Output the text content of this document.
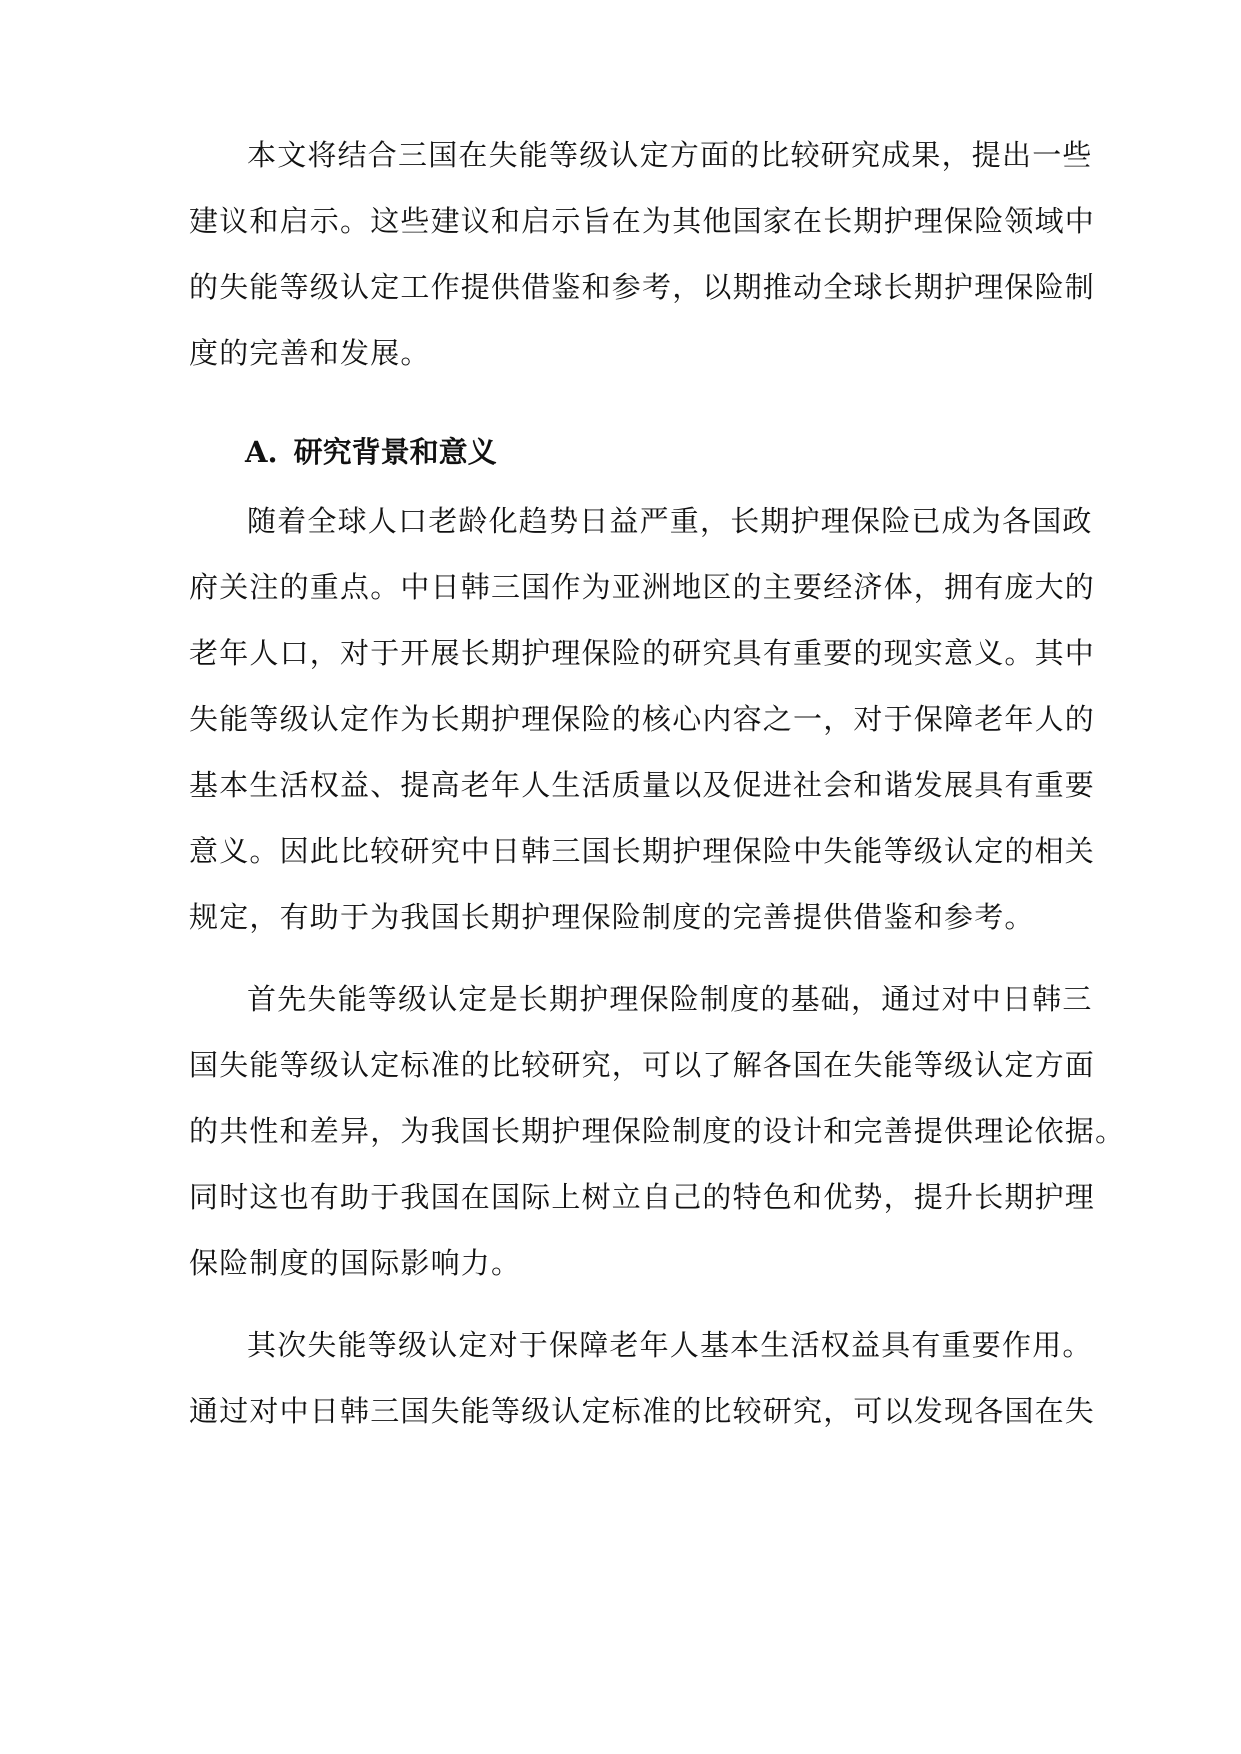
本文将结合三国在失能等级认定方面的比较研究成果，提出一些
建议和启示。这些建议和启示旨在为其他国家在长期护理保险领域中
的失能等级认定工作提供借鉴和参考，以期推动全球长期护理保险制
度的完善和发展。
A. 研究背景和意义
随着全球人口老龄化趋势日益严重，长期护理保险已成为各国政
府关注的重点。中日韩三国作为亚洲地区的主要经济体，拥有庞大的
老年人口，对于开展长期护理保险的研究具有重要的现实意义。其中
失能等级认定作为长期护理保险的核心内容之一，对于保障老年人的
基本生活权益、提高老年人生活质量以及促进社会和谐发展具有重要
意义。因此比较研究中日韩三国长期护理保险中失能等级认定的相关
规定，有助于为我国长期护理保险制度的完善提供借鉴和参考。
首先失能等级认定是长期护理保险制度的基础，通过对中日韩三
国失能等级认定标准的比较研究，可以了解各国在失能等级认定方面
的共性和差异，为我国长期护理保险制度的设计和完善提供理论依据。
同时这也有助于我国在国际上树立自己的特色和优势，提升长期护理
保险制度的国际影响力。
其次失能等级认定对于保障老年人基本生活权益具有重要作用。
通过对中日韩三国失能等级认定标准的比较研究，可以发现各国在失
